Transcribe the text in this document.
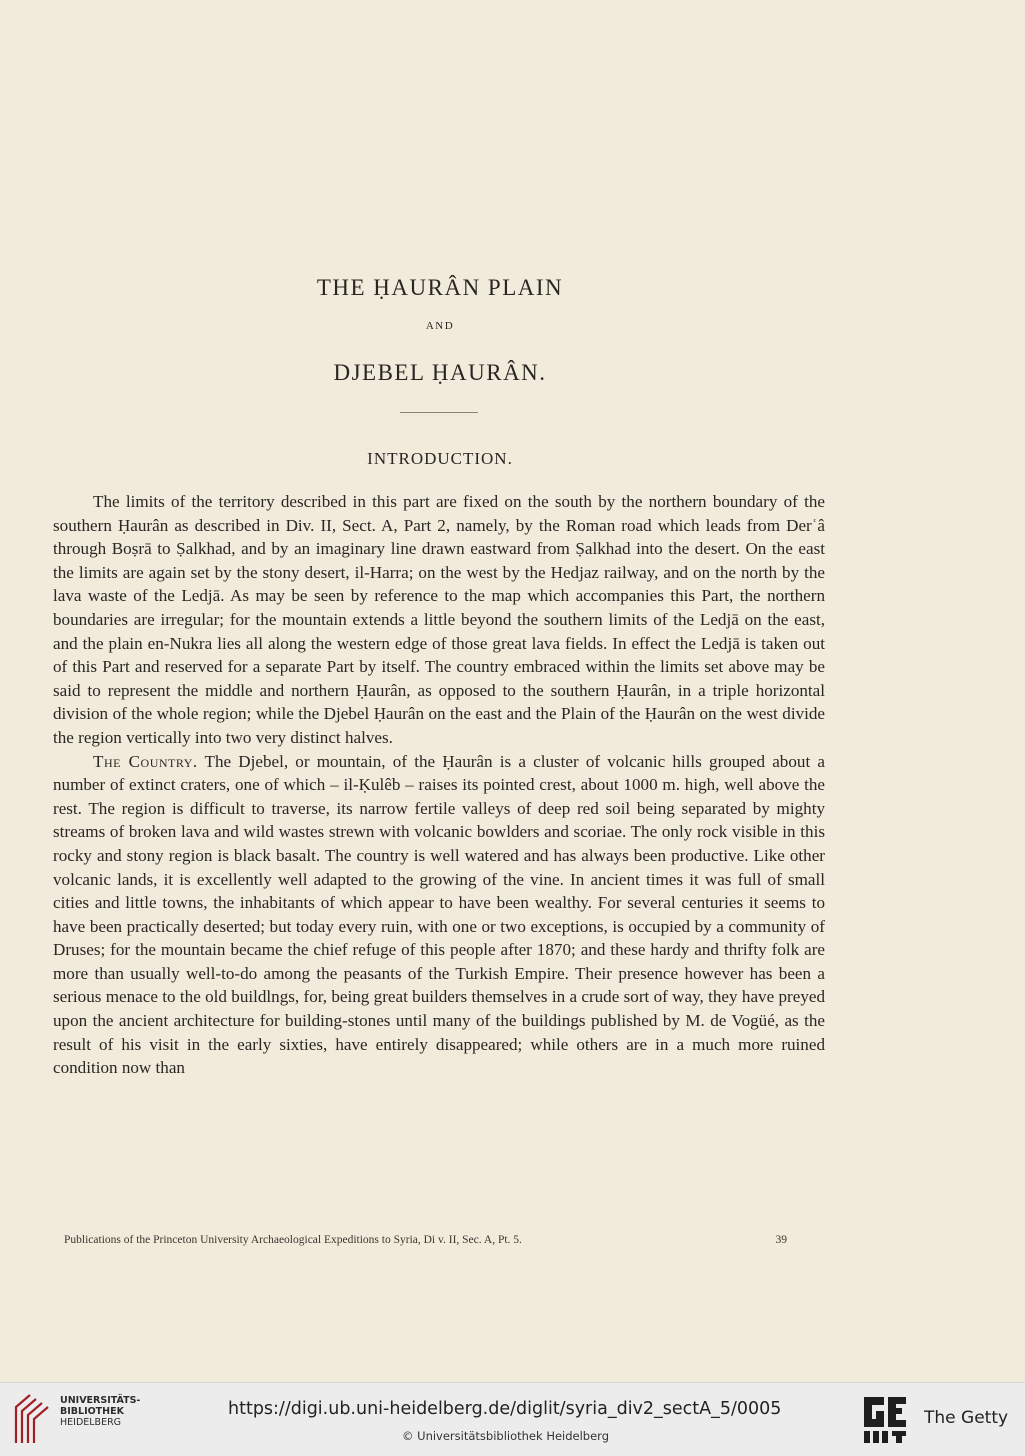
THE ḤAURÂN PLAIN
AND
DJEBEL ḤAURÂN.
INTRODUCTION.

The limits of the territory described in this part are fixed on the south by the northern boundary of the southern Ḥaurân as described in Div. II, Sect. A, Part 2, namely, by the Roman road which leads from Derʿâ through Boṣrā to Ṣalkhad, and by an imaginary line drawn eastward from Ṣalkhad into the desert. On the east the limits are again set by the stony desert, il-Harra; on the west by the Hedjaz railway, and on the north by the lava waste of the Ledjā. As may be seen by reference to the map which accompanies this Part, the northern boundaries are irregular; for the mountain extends a little beyond the southern limits of the Ledjā on the east, and the plain en-Nukra lies all along the western edge of those great lava fields. In effect the Ledjā is taken out of this Part and reserved for a separate Part by itself. The country embraced within the limits set above may be said to represent the middle and northern Ḥaurân, as opposed to the southern Ḥaurân, in a triple horizontal division of the whole region; while the Djebel Ḥaurân on the east and the Plain of the Ḥaurân on the west divide the region vertically into two very distinct halves.

The Country. The Djebel, or mountain, of the Ḥaurân is a cluster of volcanic hills grouped about a number of extinct craters, one of which – il-Ḳulêb – raises its pointed crest, about 1000 m. high, well above the rest. The region is difficult to traverse, its narrow fertile valleys of deep red soil being separated by mighty streams of broken lava and wild wastes strewn with volcanic bowlders and scoriae. The only rock visible in this rocky and stony region is black basalt. The country is well watered and has always been productive. Like other volcanic lands, it is excellently well adapted to the growing of the vine. In ancient times it was full of small cities and little towns, the inhabitants of which appear to have been wealthy. For several centuries it seems to have been practically deserted; but today every ruin, with one or two exceptions, is occupied by a community of Druses; for the mountain became the chief refuge of this people after 1870; and these hardy and thrifty folk are more than usually well-to-do among the peasants of the Turkish Empire. Their presence however has been a serious menace to the old buildlngs, for, being great builders themselves in a crude sort of way, they have preyed upon the ancient architecture for building-stones until many of the buildings published by M. de Vogüé, as the result of his visit in the early sixties, have entirely disappeared; while others are in a much more ruined condition now than

Publications of the Princeton University Archaeological Expeditions to Syria, Di v. II, Sec. A, Pt. 5.	39
UNIVERSITÄTS-
BIBLIOTHEK
HEIDELBERG
https://digi.ub.uni-heidelberg.de/diglit/syria_div2_sectA_5/0005
© Universitätsbibliothek Heidelberg
The Getty
